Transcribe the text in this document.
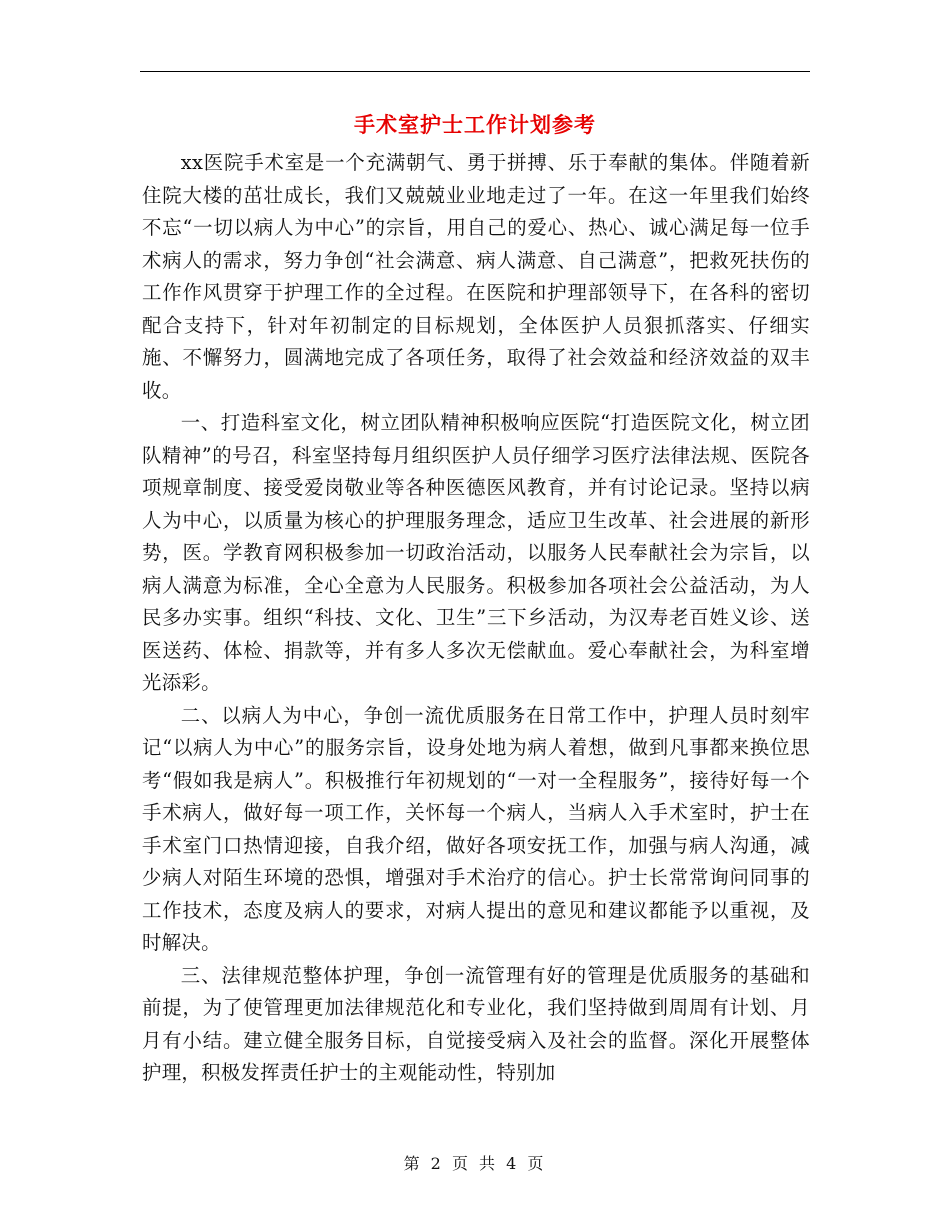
手术室护士工作计划参考

xx医院手术室是一个充满朝气、勇于拼搏、乐于奉献的集体。伴随着新住院大楼的茁壮成长，我们又兢兢业业地走过了一年。在这一年里我们始终不忘“一切以病人为中心”的宗旨，用自己的爱心、热心、诚心满足每一位手术病人的需求，努力争创“社会满意、病人满意、自己满意”，把救死扶伤的工作作风贯穿于护理工作的全过程。在医院和护理部领导下，在各科的密切配合支持下，针对年初制定的目标规划，全体医护人员狠抓落实、仔细实施、不懈努力，圆满地完成了各项任务，取得了社会效益和经济效益的双丰收。

一、打造科室文化，树立团队精神积极响应医院“打造医院文化，树立团队精神”的号召，科室坚持每月组织医护人员仔细学习医疗法律法规、医院各项规章制度、接受爱岗敬业等各种医德医风教育，并有讨论记录。坚持以病人为中心，以质量为核心的护理服务理念，适应卫生改革、社会进展的新形势，医。学教育网积极参加一切政治活动，以服务人民奉献社会为宗旨，以病人满意为标准，全心全意为人民服务。积极参加各项社会公益活动，为人民多办实事。组织“科技、文化、卫生”三下乡活动，为汉寿老百姓义诊、送医送药、体检、捐款等，并有多人多次无偿献血。爱心奉献社会，为科室增光添彩。

二、以病人为中心，争创一流优质服务在日常工作中，护理人员时刻牢记“以病人为中心”的服务宗旨，设身处地为病人着想，做到凡事都来换位思考“假如我是病人”。积极推行年初规划的“一对一全程服务”，接待好每一个手术病人，做好每一项工作，关怀每一个病人，当病人入手术室时，护士在手术室门口热情迎接，自我介绍，做好各项安抚工作，加强与病人沟通，减少病人对陌生环境的恐惧，增强对手术治疗的信心。护士长常常询问同事的工作技术，态度及病人的要求，对病人提出的意见和建议都能予以重视，及时解决。

三、法律规范整体护理，争创一流管理有好的管理是优质服务的基础和前提，为了使管理更加法律规范化和专业化，我们坚持做到周周有计划、月月有小结。建立健全服务目标，自觉接受病入及社会的监督。深化开展整体护理，积极发挥责任护士的主观能动性，特别加

第 2 页 共 4 页
